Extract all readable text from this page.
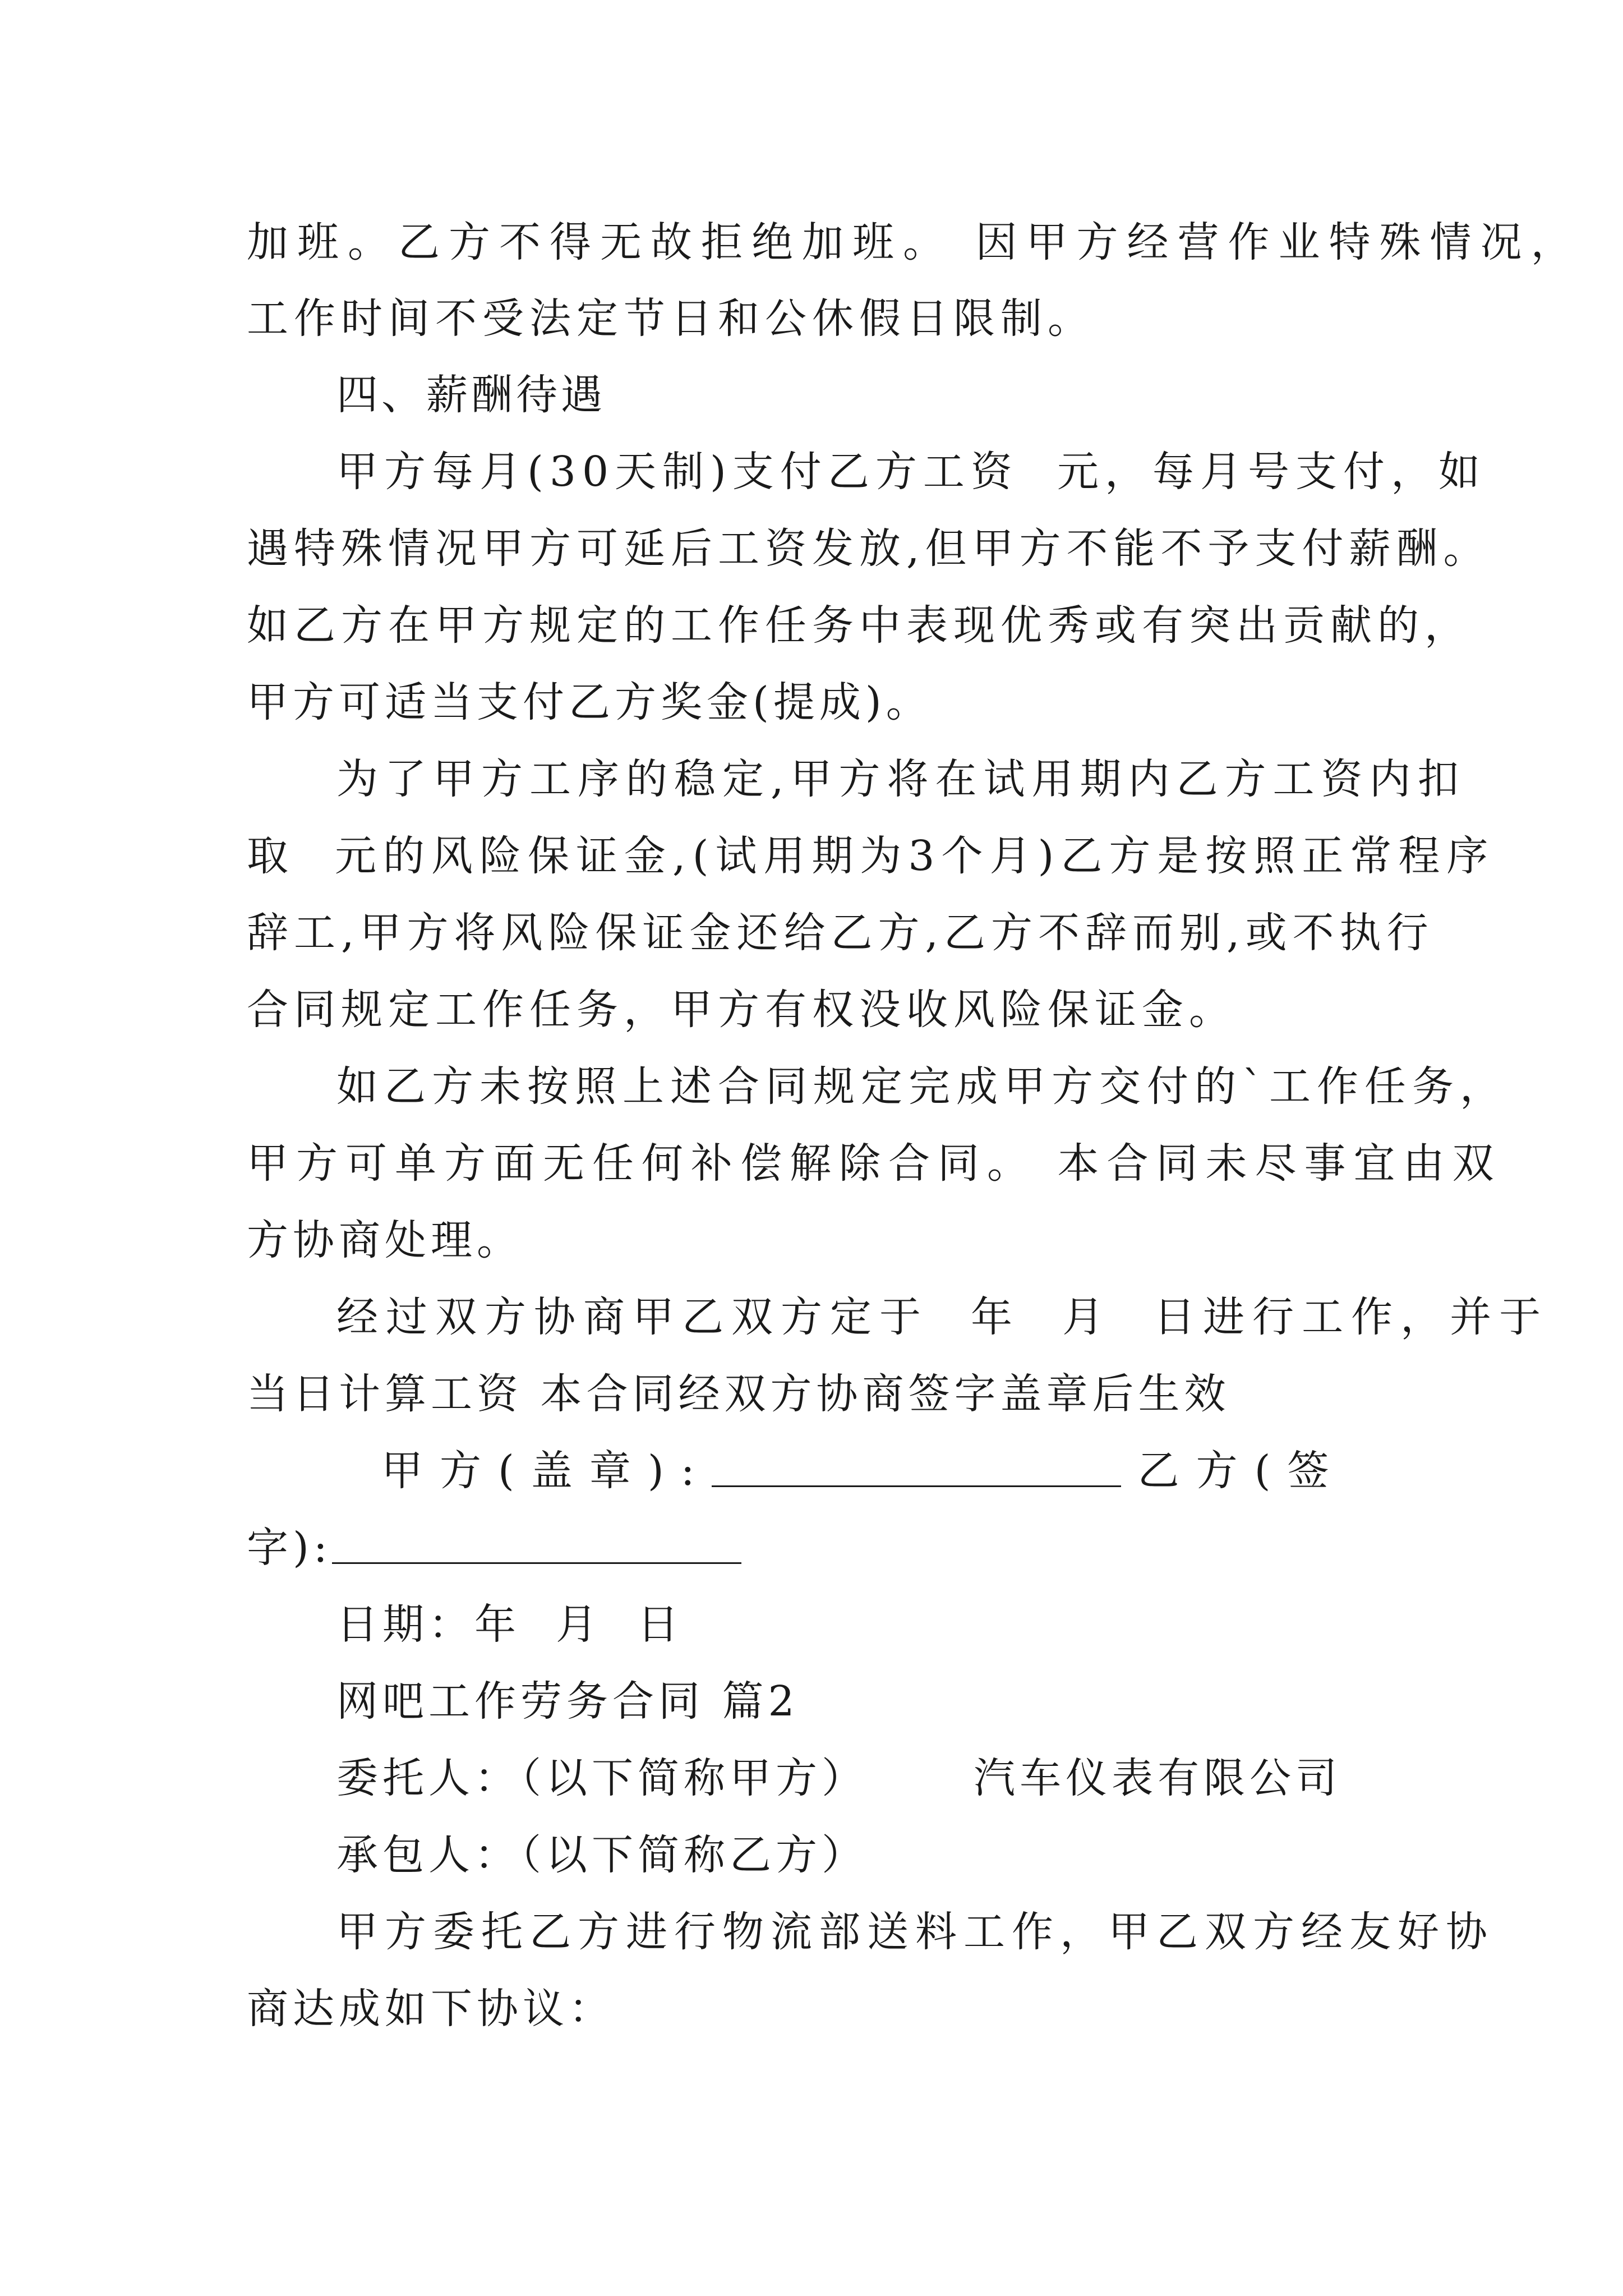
加班。乙方不得无故拒绝加班。 因甲方经营作业特殊情况，
工作时间不受法定节日和公休假日限制。
四、薪酬待遇
甲方每月(30天制)支付乙方工资  元，每月号支付，如
遇特殊情况甲方可延后工资发放,但甲方不能不予支付薪酬。
如乙方在甲方规定的工作任务中表现优秀或有突出贡献的，
甲方可适当支付乙方奖金(提成)。
为了甲方工序的稳定,甲方将在试用期内乙方工资内扣
取  元的风险保证金,(试用期为3个月)乙方是按照正常程序
辞工,甲方将风险保证金还给乙方,乙方不辞而别,或不执行
合同规定工作任务，甲方有权没收风险保证金。
如乙方未按照上述合同规定完成甲方交付的`工作任务，
甲方可单方面无任何补偿解除合同。 本合同未尽事宜由双
方协商处理。
经过双方协商甲乙双方定于  年  月  日进行工作，并于
当日计算工资 本合同经双方协商签字盖章后生效
甲方(盖章):	乙方(签
字):
日期：年  月  日
网吧工作劳务合同 篇2
委托人：（以下简称甲方）      汽车仪表有限公司
承包人：（以下简称乙方）
甲方委托乙方进行物流部送料工作，甲乙双方经友好协
商达成如下协议：
